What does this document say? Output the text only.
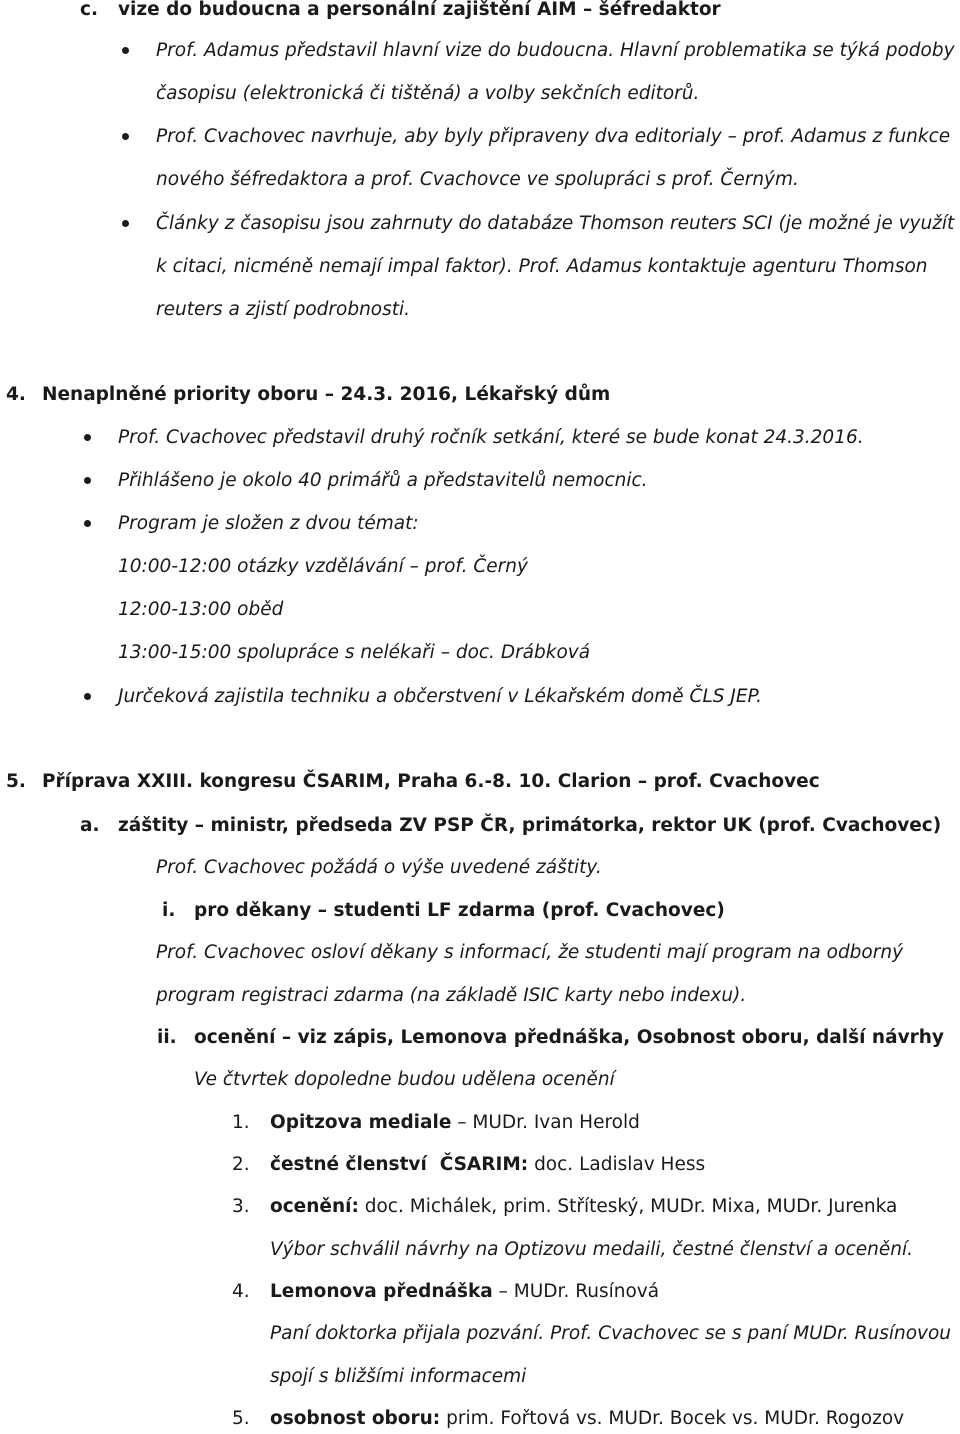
c. vize do budoucna a personální zajištění AIM – šéfredaktor
Prof. Adamus představil hlavní vize do budoucna. Hlavní problematika se týká podoby
časopisu (elektronická či tištěná) a volby sekčních editorů.
Prof. Cvachovec navrhuje, aby byly připraveny dva editorialy – prof. Adamus z funkce
nového šéfredaktora a prof. Cvachovce ve spolupráci s prof. Černým.
Články z časopisu jsou zahrnuty do databáze Thomson reuters SCI (je možné je využít
k citaci, nicméně nemají impal faktor). Prof. Adamus kontaktuje agenturu Thomson
reuters a zjistí podrobnosti.
4. Nenaplněné priority oboru – 24.3. 2016, Lékařský dům
Prof. Cvachovec představil druhý ročník setkání, které se bude konat 24.3.2016.
Přihlášeno je okolo 40 primářů a představitelů nemocnic.
Program je složen z dvou témat:
10:00-12:00 otázky vzdělávání – prof. Černý
12:00-13:00 oběd
13:00-15:00 spolupráce s nelékaři – doc. Drábková
Jurčeková zajistila techniku a občerstvení v Lékařském domě ČLS JEP.
5. Příprava XXIII. kongresu ČSARIM, Praha 6.-8. 10. Clarion – prof. Cvachovec
a. záštity – ministr, předseda ZV PSP ČR, primátorka, rektor UK (prof. Cvachovec)
Prof. Cvachovec požádá o výše uvedené záštity.
i. pro děkany – studenti LF zdarma (prof. Cvachovec)
Prof. Cvachovec osloví děkany s informací, že studenti mají program na odborný
program registraci zdarma (na základě ISIC karty nebo indexu).
ii. ocenění – viz zápis, Lemonova přednáška, Osobnost oboru, další návrhy
Ve čtvrtek dopoledne budou udělena ocenění
1. Opitzova mediale – MUDr. Ivan Herold
2. čestné členství  ČSARIM: doc. Ladislav Hess
3. ocenění: doc. Michálek, prim. Stříteský, MUDr. Mixa, MUDr. Jurenka
Výbor schválil návrhy na Optizovu medaili, čestné členství a ocenění.
4. Lemonova přednáška – MUDr. Rusínová
Paní doktorka přijala pozvání. Prof. Cvachovec se s paní MUDr. Rusínovou
spojí s bližšími informacemi
5. osobnost oboru: prim. Fořtová vs. MUDr. Bocek vs. MUDr. Rogozov
